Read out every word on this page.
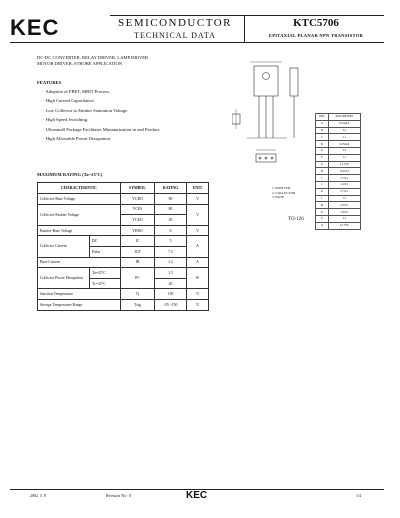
KEC	SEMICONDUCTOR
TECHNICAL DATA
KTC5706
EPITAXIAL PLANAR NPN TRANSISTOR
DC-DC CONVERTER, RELAY DRIVER, LAMP DRIVER
MOTOR DRIVER, STROBE APPLICATION
FEATURES
· Adoption of FBET, MBIT Process.
· High Current Capacitance.
· Low Collector to Emitter Saturation Voltage.
· High Speed Switching.
· Ultrasmall Package Facilitates Miniaturization in end Product.
· High Allowable Power Dissipation.
1. EMITTER
2. COLLECTOR
3. BASE
DIM	MILLIMETERS
A	8.0 MAX
B	3.2
C	1.1
D	0.8 MAX
E	3.3
F	1.1
G	2.3 TYP
H	15.0±0.5
I	3.7±0.2
J	1.4±0.1
K	0.7±0.1
L	1.2
M	2.0±0.1
N	1.6±0.1
P	2.3
Q	0.5 TYP
TO-126
MAXIMUM RATING (Ta=25°C)
CHARACTERISTIC		SYMBOL	RATING	UNIT
Collector-Base Voltage		VCBO	80	V
Collector-Emitter Voltage		VCES	80	V
		VCEO	50	
Emitter-Base Voltage		VEBO	6	V
Collector Current	DC	IC	5	A
	Pulse	ICP	7.5	
Base Current		IB	1.2	A
Collector Power Dissipation	Ta=25°C	PC	1.5	W
	Tc=25°C		20	
Junction Temperature		Tj	150	°C
Storage Temperature Range		Tstg	-55 ~150	°C
2002. 5. 8	Revision No : 0	KEC	1/4
